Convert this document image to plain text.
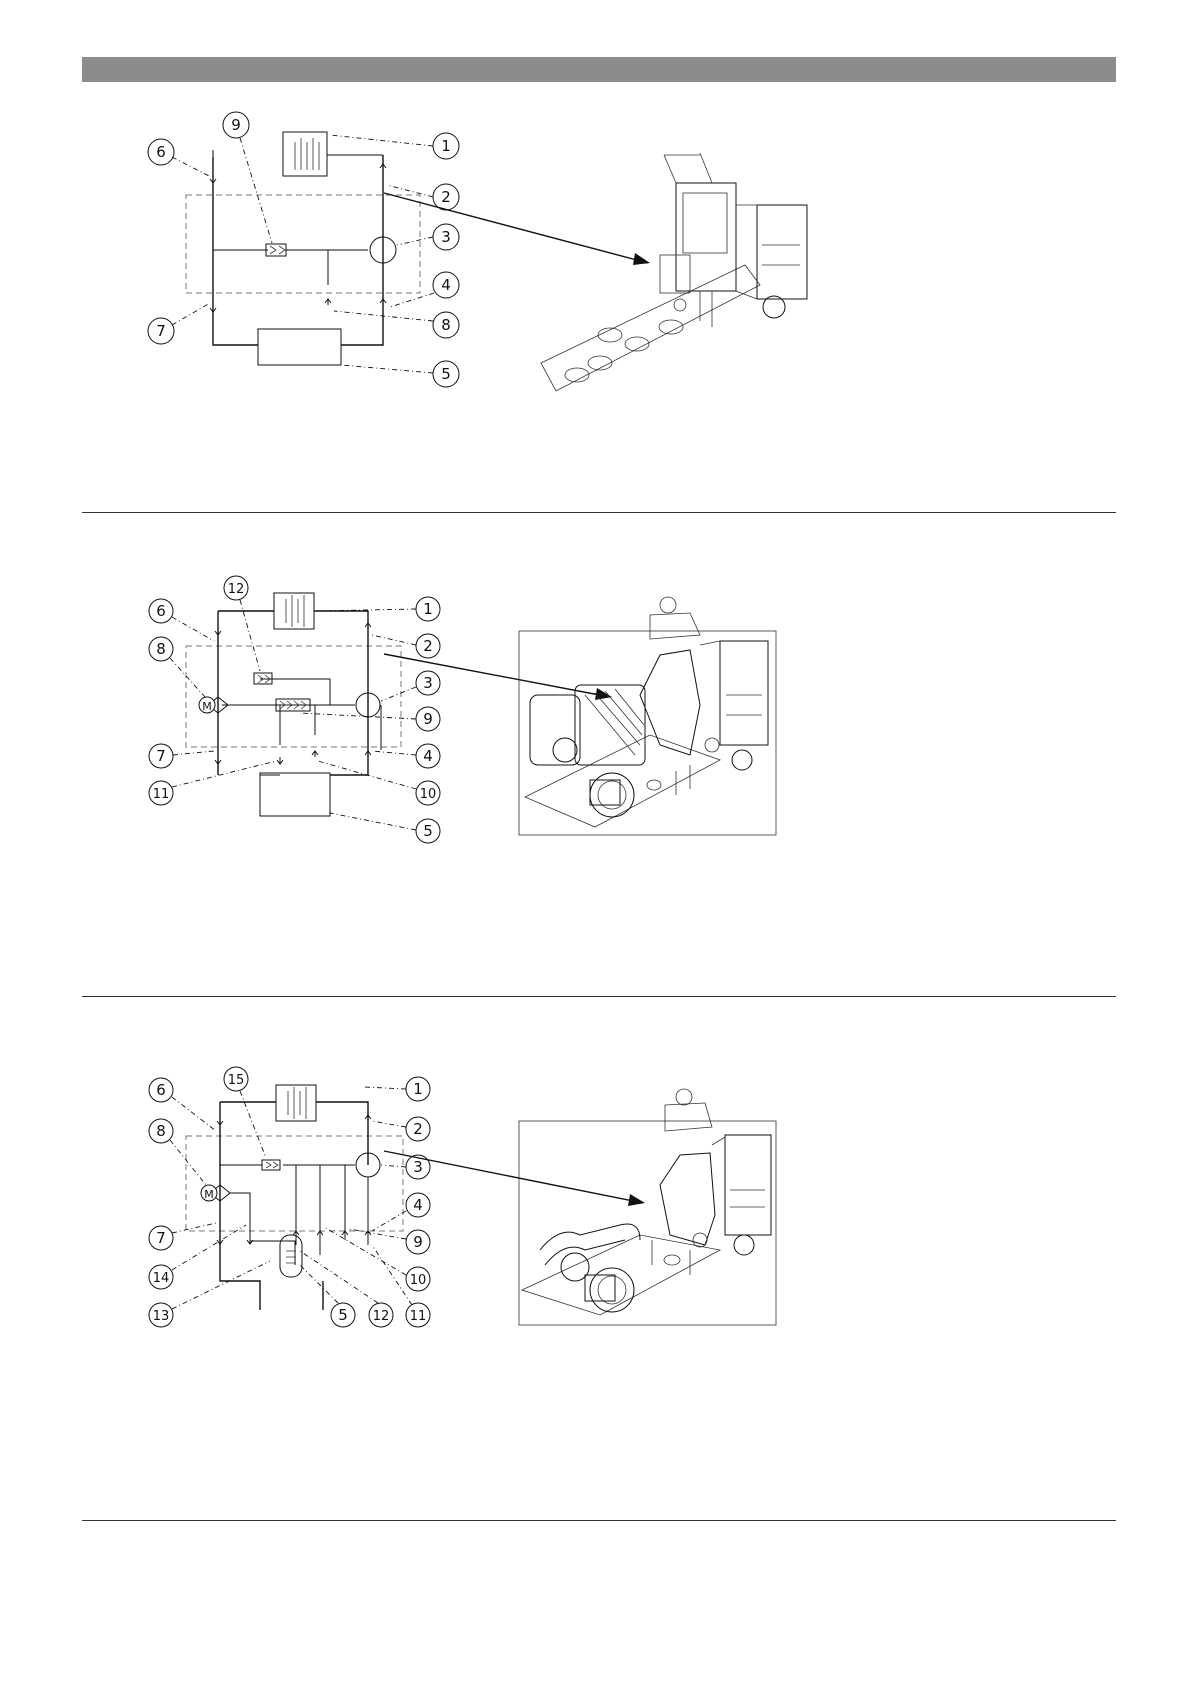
6
9
1
2
3
4
7	8
5
M
6
12
8
1
2
3
9
7	4
11	10
5
M
6
15
8
1
2
3
4
7	9
14	10
13	5 12 11
